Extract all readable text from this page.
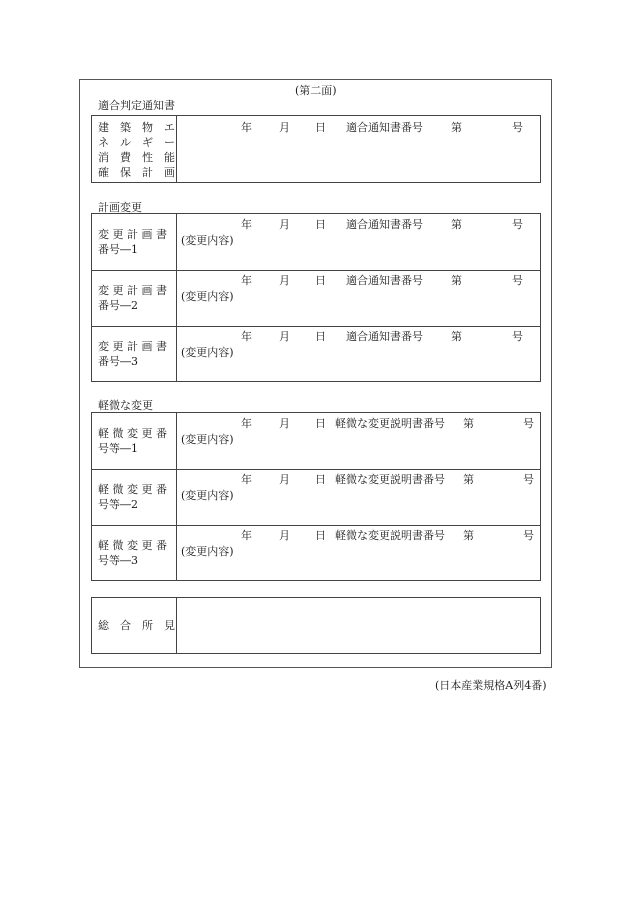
(第二面)
適合判定通知書
建　築　物　エ
ネ　ル　ギ　ー
消　費　性　能
確　保　計　画
年 月 日 適合通知書番号	第	号
計画変更
変 更 計 画 書
番号―1
年 月 日 適合通知書番号	第	号
(変更内容)
変 更 計 画 書
番号―2
年 月 日 適合通知書番号	第	号
(変更内容)
変 更 計 画 書
番号―3
年 月 日 適合通知書番号	第	号
(変更内容)
軽微な変更
軽 微 変 更 番
号等―1
年 月 日 軽微な変更説明書番号 第	号
(変更内容)
軽 微 変 更 番
号等―2
年 月 日 軽微な変更説明書番号 第	号
(変更内容)
軽 微 変 更 番
号等―3
年 月 日 軽微な変更説明書番号 第	号
(変更内容)
総　合　所　見
(日本産業規格A列4番)
